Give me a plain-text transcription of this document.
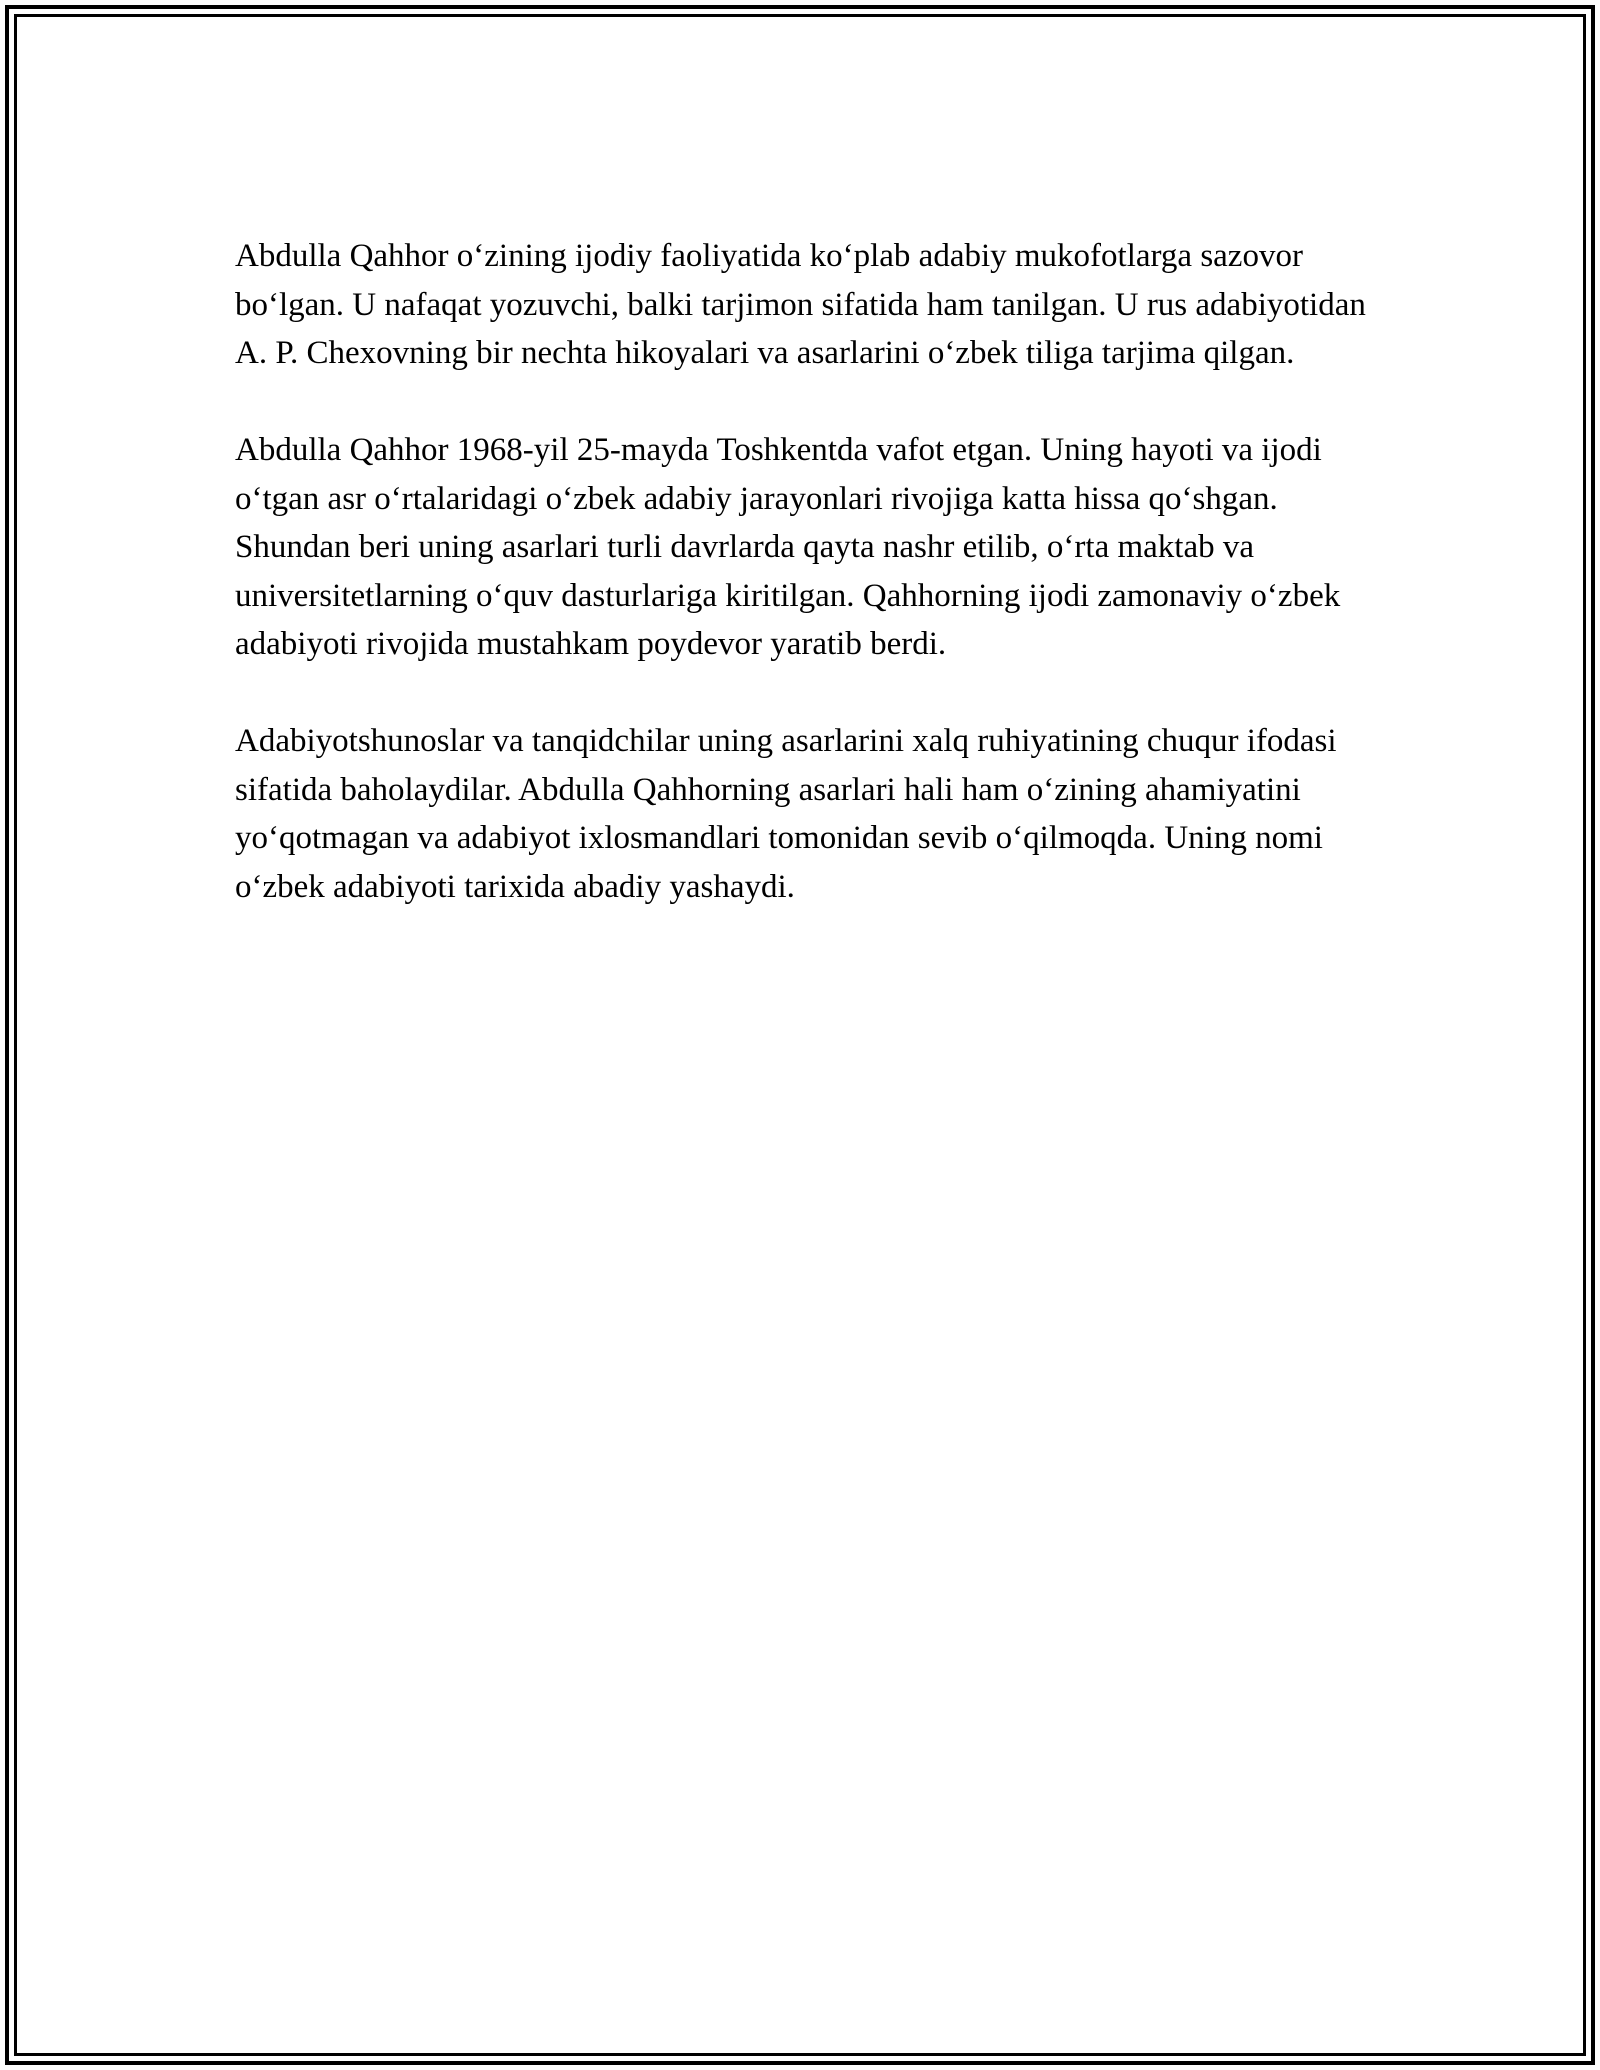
Abdulla Qahhor oʻzining ijodiy faoliyatida koʻplab adabiy mukofotlarga sazovor boʻlgan. U nafaqat yozuvchi, balki tarjimon sifatida ham tanilgan. U rus adabiyotidan A. P. Chexovning bir nechta hikoyalari va asarlarini oʻzbek tiliga tarjima qilgan.

Abdulla Qahhor 1968-yil 25-mayda Toshkentda vafot etgan. Uning hayoti va ijodi oʻtgan asr oʻrtalaridagi oʻzbek adabiy jarayonlari rivojiga katta hissa qoʻshgan. Shundan beri uning asarlari turli davrlarda qayta nashr etilib, oʻrta maktab va universitetlarning oʻquv dasturlariga kiritilgan. Qahhorning ijodi zamonaviy oʻzbek adabiyoti rivojida mustahkam poydevor yaratib berdi.

Adabiyotshunoslar va tanqidchilar uning asarlarini xalq ruhiyatining chuqur ifodasi sifatida baholaydilar. Abdulla Qahhorning asarlari hali ham oʻzining ahamiyatini yoʻqotmagan va adabiyot ixlosmandlari tomonidan sevib oʻqilmoqda. Uning nomi oʻzbek adabiyoti tarixida abadiy yashaydi.
